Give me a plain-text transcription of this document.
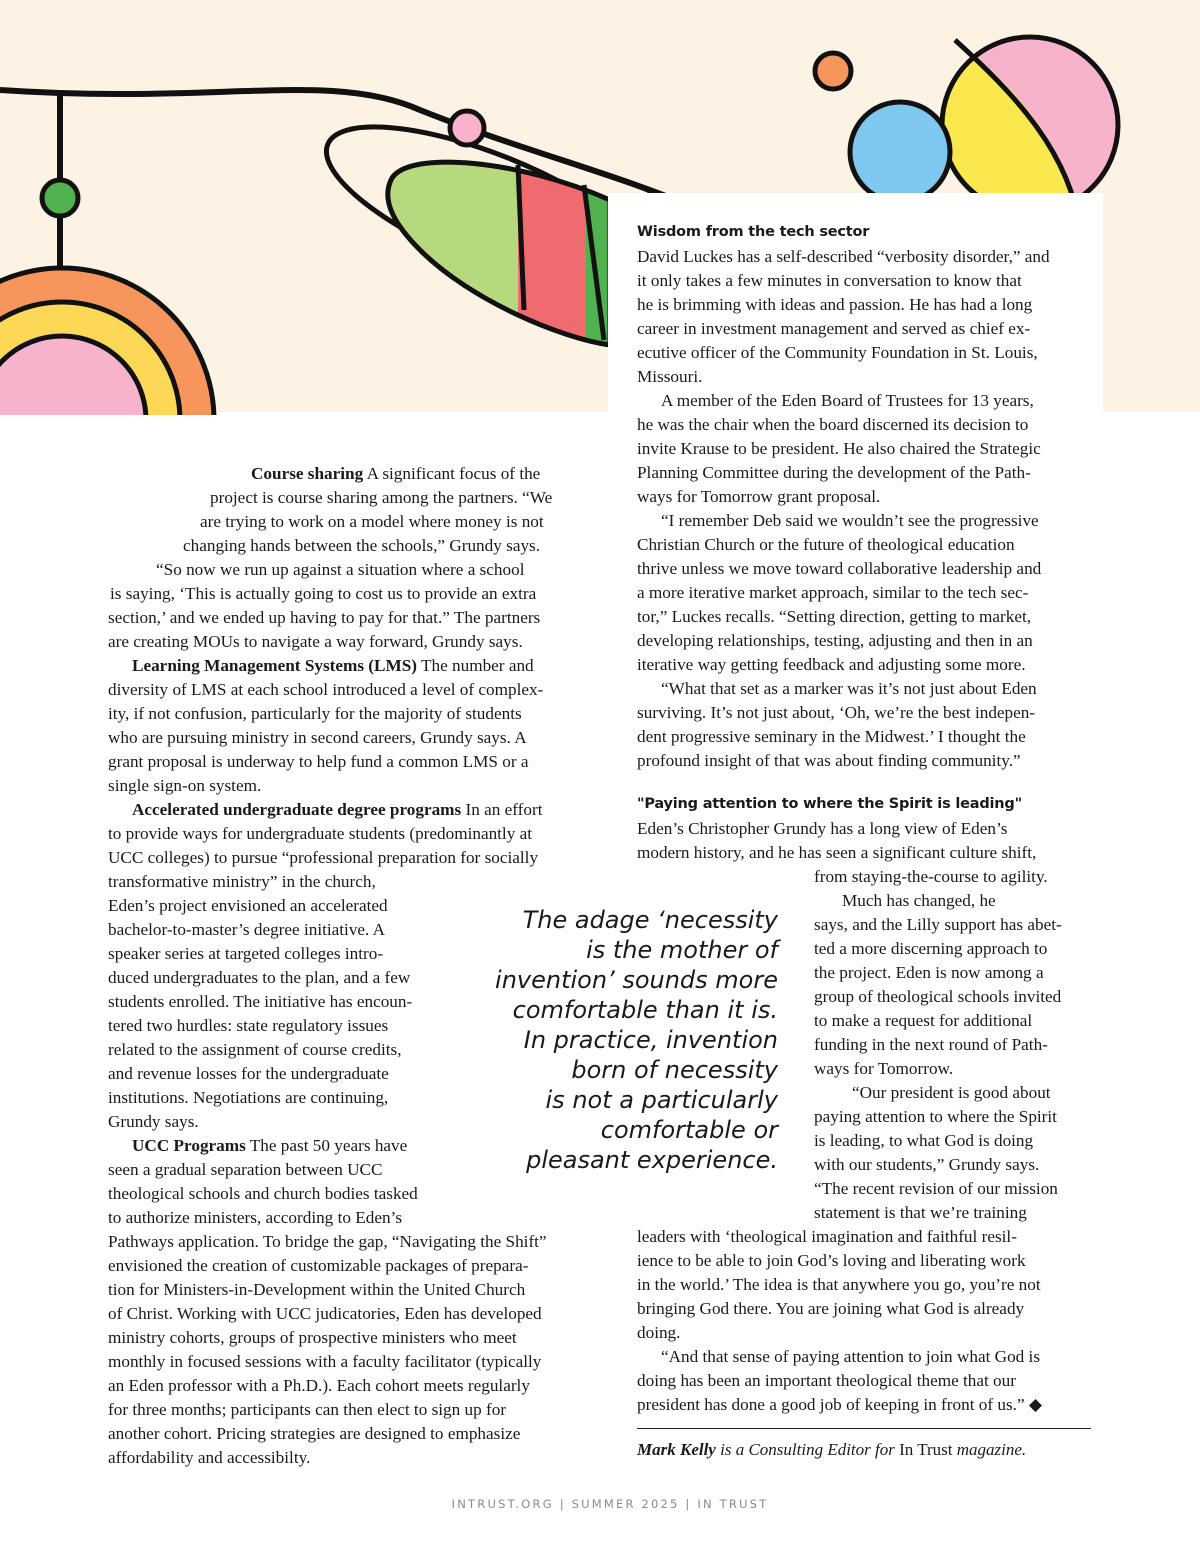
Course sharing A significant focus of the
project is course sharing among the partners. “We
are trying to work on a model where money is not
changing hands between the schools,” Grundy says.
“So now we run up against a situation where a school
is saying, ‘This is actually going to cost us to provide an extra
section,’ and we ended up having to pay for that.” The partners
are creating MOUs to navigate a way forward, Grundy says.

Learning Management Systems (LMS) The number and
diversity of LMS at each school introduced a level of complex-
ity, if not confusion, particularly for the majority of students
who are pursuing ministry in second careers, Grundy says. A
grant proposal is underway to help fund a common LMS or a
single sign-on system.

Accelerated undergraduate degree programs In an effort
to provide ways for undergraduate students (predominantly at
UCC colleges) to pursue “professional preparation for socially
transformative ministry” in the church,
Eden’s project envisioned an accelerated
bachelor-to-master’s degree initiative. A
speaker series at targeted colleges intro-
duced undergraduates to the plan, and a few
students enrolled. The initiative has encoun-
tered two hurdles: state regulatory issues
related to the assignment of course credits,
and revenue losses for the undergraduate
institutions. Negotiations are continuing,
Grundy says.

UCC Programs The past 50 years have
seen a gradual separation between UCC
theological schools and church bodies tasked
to authorize ministers, according to Eden’s
Pathways application. To bridge the gap, “Navigating the Shift”
envisioned the creation of customizable packages of prepara-
tion for Ministers-in-Development within the United Church
of Christ. Working with UCC judicatories, Eden has developed
ministry cohorts, groups of prospective ministers who meet
monthly in focused sessions with a faculty facilitator (typically
an Eden professor with a Ph.D.). Each cohort meets regularly
for three months; participants can then elect to sign up for
another cohort. Pricing strategies are designed to emphasize
affordability and accessibilty.

Wisdom from the tech sector

David Luckes has a self-described “verbosity disorder,” and
it only takes a few minutes in conversation to know that
he is brimming with ideas and passion. He has had a long
career in investment management and served as chief ex-
ecutive officer of the Community Foundation in St. Louis,
Missouri.

A member of the Eden Board of Trustees for 13 years,
he was the chair when the board discerned its decision to
invite Krause to be president. He also chaired the Strategic
Planning Committee during the development of the Path-
ways for Tomorrow grant proposal.

“I remember Deb said we wouldn’t see the progressive
Christian Church or the future of theological education
thrive unless we move toward collaborative leadership and
a more iterative market approach, similar to the tech sec-
tor,” Luckes recalls. “Setting direction, getting to market,
developing relationships, testing, adjusting and then in an
iterative way getting feedback and adjusting some more.

“What that set as a marker was it’s not just about Eden
surviving. It’s not just about, ‘Oh, we’re the best indepen-
dent progressive seminary in the Midwest.’ I thought the
profound insight of that was about finding community.”

"Paying attention to where the Spirit is leading"

Eden’s Christopher Grundy has a long view of Eden’s
modern history, and he has seen a significant culture shift,
from staying-the-course to agility.

Much has changed, he
says, and the Lilly support has abet-
ted a more discerning approach to
the project. Eden is now among a
group of theological schools invited
to make a request for additional
funding in the next round of Path-
ways for Tomorrow.

“Our president is good about
paying attention to where the Spirit
is leading, to what God is doing
with our students,” Grundy says.
“The recent revision of our mission
statement is that we’re training
leaders with ‘theological imagination and faithful resil-
ience to be able to join God’s loving and liberating work
in the world.’ The idea is that anywhere you go, you’re not
bringing God there. You are joining what God is already
doing.

“And that sense of paying attention to join what God is
doing has been an important theological theme that our
president has done a good job of keeping in front of us.” ◆

The adage ‘necessity
is the mother of
invention’ sounds more
comfortable than it is.
In practice, invention
born of necessity
is not a particularly
comfortable or
pleasant experience.
Mark Kelly is a Consulting Editor for In Trust magazine.
INTRUST.ORG | SUMMER 2025 | IN TRUST
